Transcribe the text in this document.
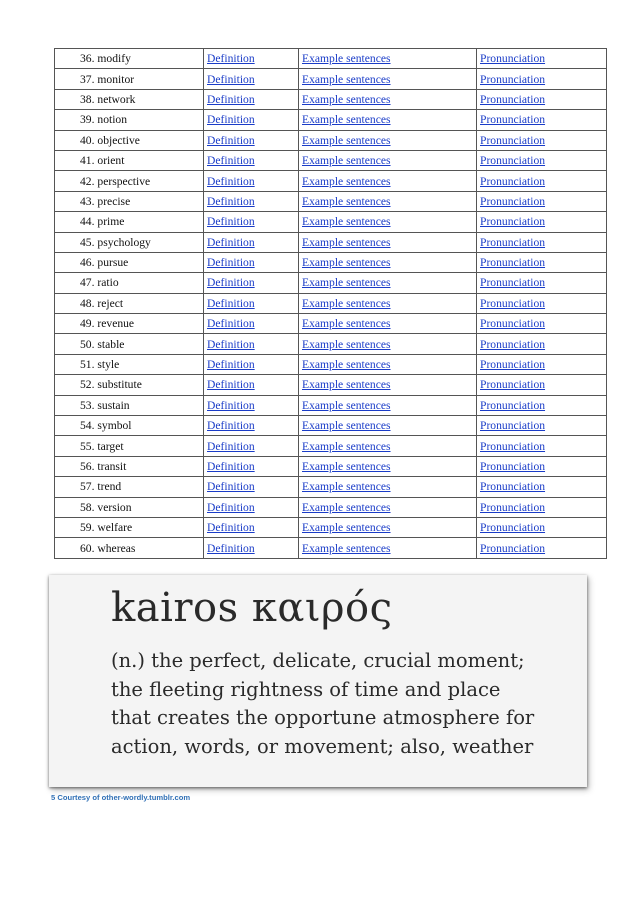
36. modify	Definition	Example sentences	Pronunciation
37. monitor	Definition	Example sentences	Pronunciation
38. network	Definition	Example sentences	Pronunciation
39. notion	Definition	Example sentences	Pronunciation
40. objective	Definition	Example sentences	Pronunciation
41. orient	Definition	Example sentences	Pronunciation
42. perspective	Definition	Example sentences	Pronunciation
43. precise	Definition	Example sentences	Pronunciation
44. prime	Definition	Example sentences	Pronunciation
45. psychology	Definition	Example sentences	Pronunciation
46. pursue	Definition	Example sentences	Pronunciation
47. ratio	Definition	Example sentences	Pronunciation
48. reject	Definition	Example sentences	Pronunciation
49. revenue	Definition	Example sentences	Pronunciation
50. stable	Definition	Example sentences	Pronunciation
51. style	Definition	Example sentences	Pronunciation
52. substitute	Definition	Example sentences	Pronunciation
53. sustain	Definition	Example sentences	Pronunciation
54. symbol	Definition	Example sentences	Pronunciation
55. target	Definition	Example sentences	Pronunciation
56. transit	Definition	Example sentences	Pronunciation
57. trend	Definition	Example sentences	Pronunciation
58. version	Definition	Example sentences	Pronunciation
59. welfare	Definition	Example sentences	Pronunciation
60. whereas	Definition	Example sentences	Pronunciation
kairos καιρός
(n.) the perfect, delicate, crucial moment;
the fleeting rightness of time and place
that creates the opportune atmosphere for
action, words, or movement; also, weather
5 Courtesy of other-wordly.tumblr.com
